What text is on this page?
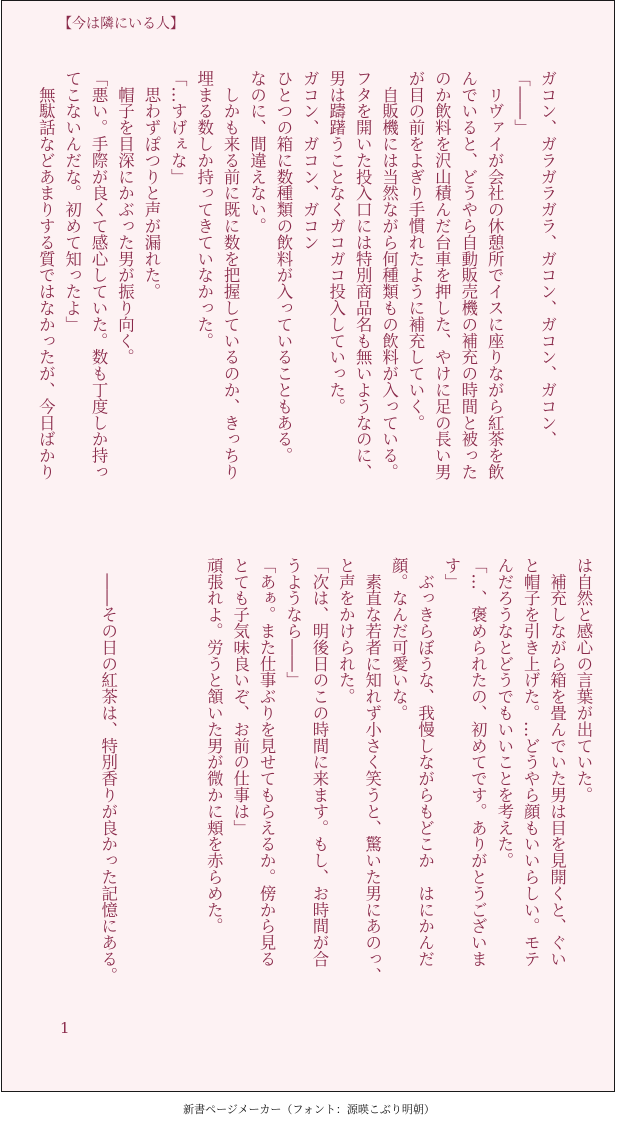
【今は隣にいる人】
ガコン、ガラガラガラ、ガコン、ガコン、ガコン、
「――」
　リヴァイが会社の休憩所でイスに座りながら紅茶を飲
んでいると、どうやら自動販売機の補充の時間と被った
のか飲料を沢山積んだ台車を押した、やけに足の長い男
が目の前をよぎり手慣れたように補充していく。
　自販機には当然ながら何種類もの飲料が入っている。
フタを開いた投入口には特別商品名も無いようなのに、
男は躊躇うことなくガコガコ投入していった。
ガコン、ガコン、ガコン
ひとつの箱に数種類の飲料が入っていることもある。
なのに、間違えない。
　しかも来る前に既に数を把握しているのか、きっちり
埋まる数しか持ってきていなかった。
「…すげぇな」
　思わずぽつりと声が漏れた。
　帽子を目深にかぶった男が振り向く。
「悪い。手際が良くて感心していた。数も丁度しか持っ
てこないんだな。初めて知ったよ」
　無駄話などあまりする質ではなかったが、今日ばかり
は自然と感心の言葉が出ていた。
　補充しながら箱を畳んでいた男は目を見開くと、ぐい
と帽子を引き上げた。…どうやら顔もいいらしい。モテ
んだろうなとどうでもいいことを考えた。
「…、褒められたの、初めてです。ありがとうございま
す」
　ぶっきらぼうな、我慢しながらもどこか　はにかんだ
顔。なんだ可愛いな。
　素直な若者に知れず小さく笑うと、驚いた男にあのっ、
と声をかけられた。
「次は、明後日のこの時間に来ます。もし、お時間が合
うようなら――」
「あぁ。また仕事ぶりを見せてもらえるか。傍から見る
とても子気味良いぞ、お前の仕事は」
頑張れよ。労うと頷いた男が微かに頬を赤らめた。

　――その日の紅茶は、特別香りが良かった記憶にある。
1
新書ページメーカー（フォント：源暎こぶり明朝）
